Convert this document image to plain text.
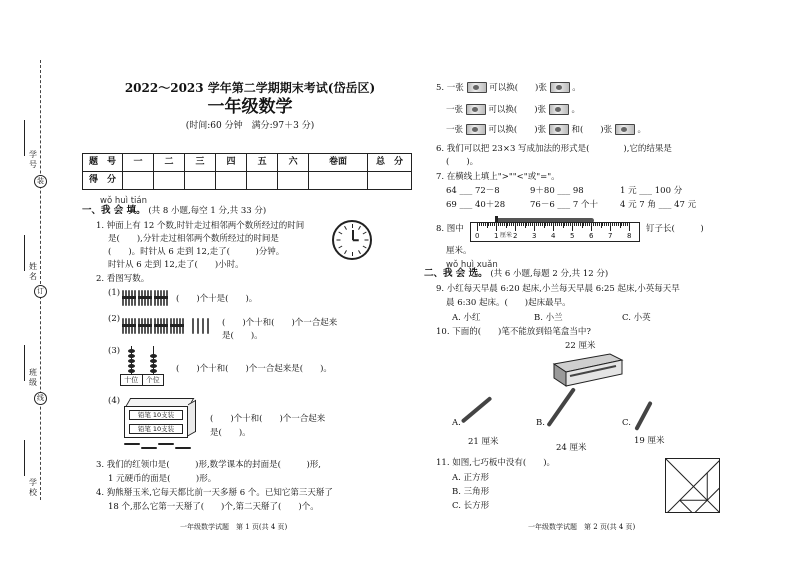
学号
装
姓名
订
班级
线
学校
2022～2023 学年第二学期期末考试(岱岳区)
一年级数学
(时间:60 分钟　满分:97＋3 分)
题　号	一	二	三	四	五	六	卷面	总　分
得　分								
wǒ huì tián
一、我 会 填。 (共 8 小题,每空 1 分,共 33 分)
1. 钟面上有 12 个数,时针走过相邻两个数所经过的时间
是(　　),分针走过相邻两个数所经过的时间是
(　　)。时针从 6 走到 12,走了(　　　)分钟。
时针从 6 走到 12,走了(　　)小时。
2. 看图写数。
(1)
(　　)个十是(　　)。
(2)	(　　)个十和(　　)个一合起来
是(　　)。
(3)
十位	个位
(　　)个十和(　　)个一合起来是(　　)。
(4)
铅笔 10支装
铅笔 10支装
(　　)个十和(　　)个一合起来
是(　　)。
3. 我们的红领巾是(　　　)形,数学课本的封面是(　　　)形,
1 元硬币的面是(　　　)形。
4. 狗熊掰玉米,它每天都比前一天多掰 6 个。已知它第三天掰了
18 个,那么它第一天掰了(　　)个,第二天掰了(　　)个。
一年级数学试题　第 1 页(共 4 页)
5. 一张	可以换(　　)张	。
一张	可以换(　　)张	。
一张	可以换(　　)张	和(　　)张	。
6. 我们可以把 23×3 写成加法的形式是(　　　　),它的结果是
(　　)。
7. 在横线上填上">""<"或"="。
64 ___ 72－8	9＋80 ___ 98	1 元 ___ 100 分
69 ___ 40＋28	76－6 ___ 7 个十	4 元 7 角 ___ 47 元
8. 图中
0 1 2 3 4 5 6 7 8
厘米
钉子长(　　　)
厘米。
wǒ huì xuǎn
二、我 会 选。 (共 6 小题,每题 2 分,共 12 分)
9. 小红每天早晨 6:20 起床,小兰每天早晨 6:25 起床,小英每天早
晨 6:30 起床。(　　)起床最早。
A. 小红	B. 小兰	C. 小英
10. 下面的(　　)笔不能放到铅笔盒当中?
22 厘米
A.
21 厘米
B.
24 厘米
C.
19 厘米
11. 如图,七巧板中没有(　　)。
A. 正方形
B. 三角形
C. 长方形
一年级数学试题　第 2 页(共 4 页)
